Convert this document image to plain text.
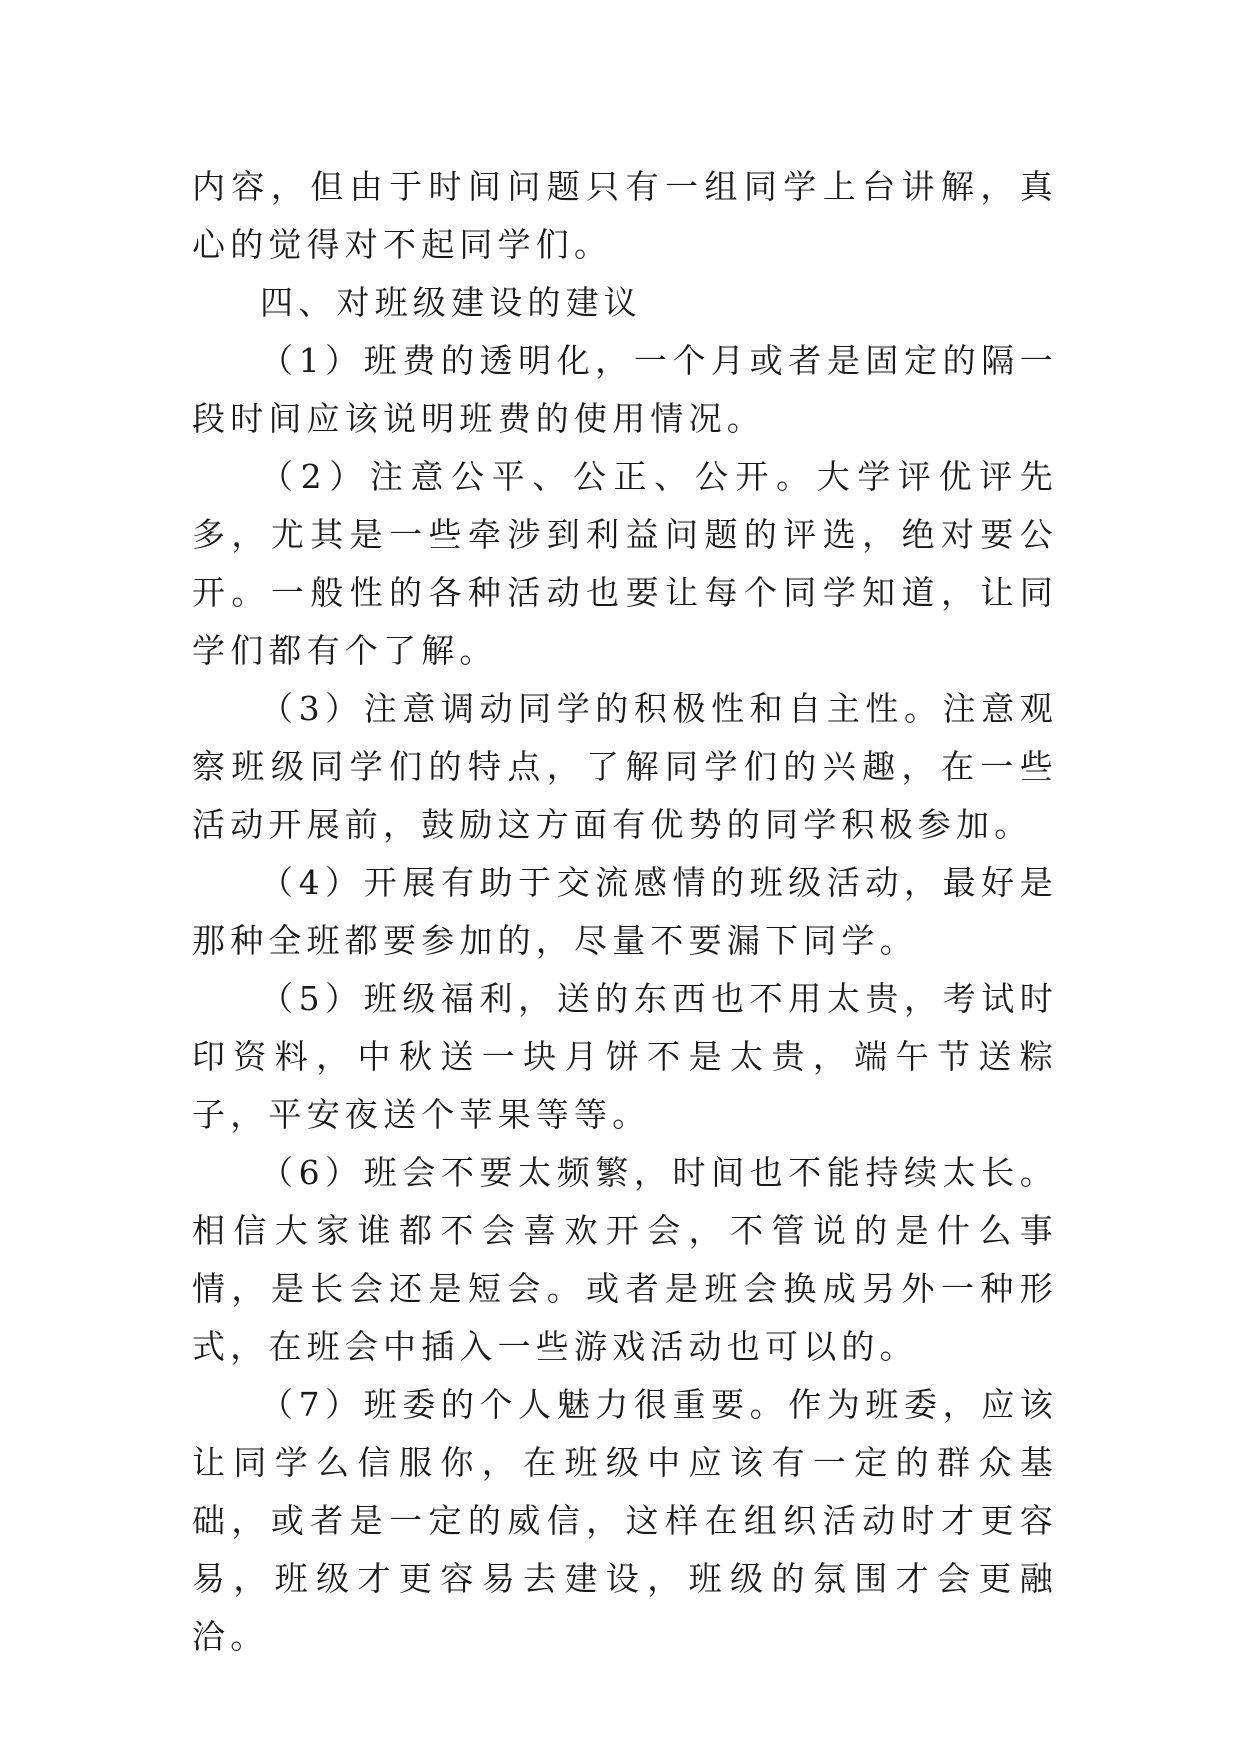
内容，但由于时间问题只有一组同学上台讲解，真心的觉得对不起同学们。

四、对班级建设的建议

（1）班费的透明化，一个月或者是固定的隔一段时间应该说明班费的使用情况。

（2）注意公平、公正、公开。大学评优评先多，尤其是一些牵涉到利益问题的评选，绝对要公开。一般性的各种活动也要让每个同学知道，让同学们都有个了解。

（3）注意调动同学的积极性和自主性。注意观察班级同学们的特点，了解同学们的兴趣，在一些活动开展前，鼓励这方面有优势的同学积极参加。

（4）开展有助于交流感情的班级活动，最好是那种全班都要参加的，尽量不要漏下同学。

（5）班级福利，送的东西也不用太贵，考试时印资料，中秋送一块月饼不是太贵，端午节送粽子，平安夜送个苹果等等。

（6）班会不要太频繁，时间也不能持续太长。相信大家谁都不会喜欢开会，不管说的是什么事情，是长会还是短会。或者是班会换成另外一种形式，在班会中插入一些游戏活动也可以的。

（7）班委的个人魅力很重要。作为班委，应该让同学么信服你，在班级中应该有一定的群众基础，或者是一定的威信，这样在组织活动时才更容易，班级才更容易去建设，班级的氛围才会更融洽。
